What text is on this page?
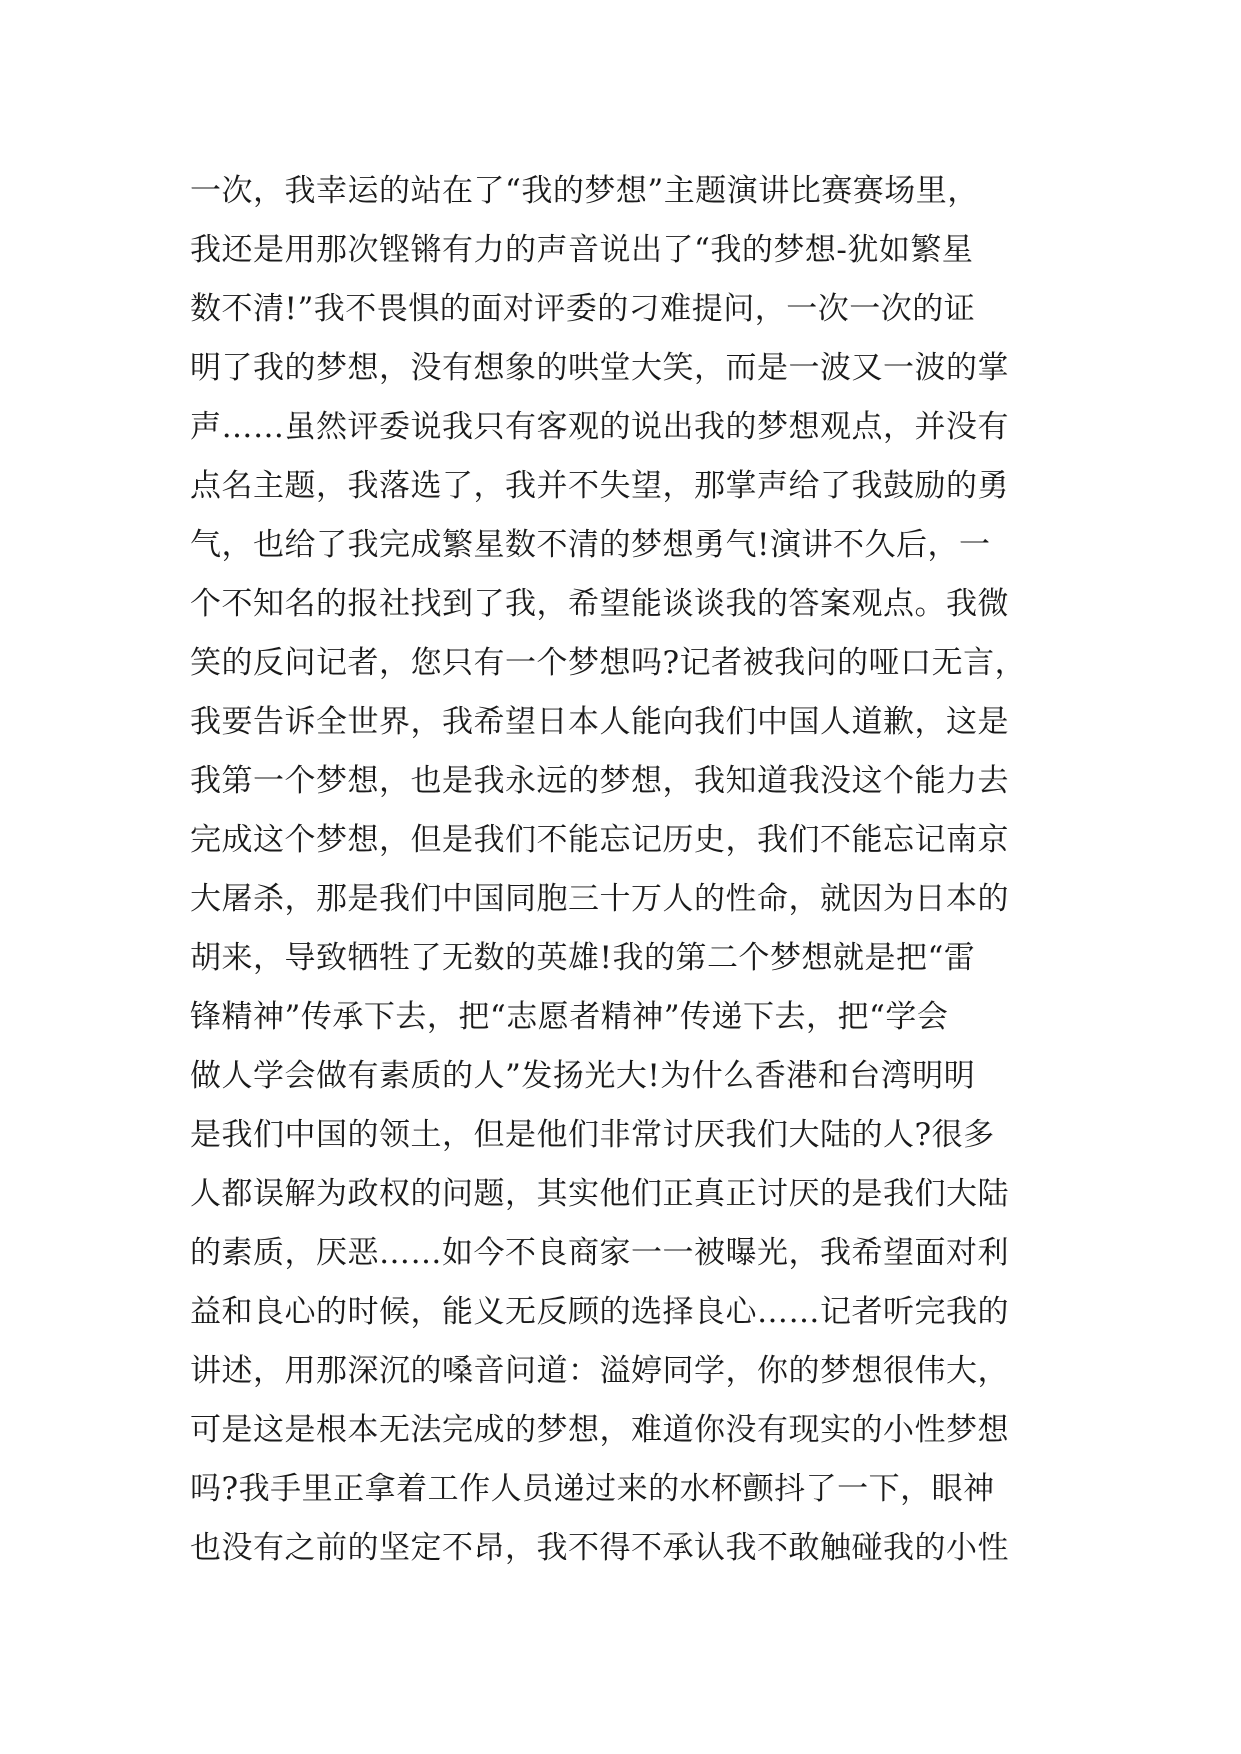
一次，我幸运的站在了“我的梦想”主题演讲比赛赛场里，
我还是用那次铿锵有力的声音说出了“我的梦想-犹如繁星
数不清!”我不畏惧的面对评委的刁难提问，一次一次的证
明了我的梦想，没有想象的哄堂大笑，而是一波又一波的掌
声……虽然评委说我只有客观的说出我的梦想观点，并没有
点名主题，我落选了，我并不失望，那掌声给了我鼓励的勇
气，也给了我完成繁星数不清的梦想勇气!演讲不久后，一
个不知名的报社找到了我，希望能谈谈我的答案观点。我微
笑的反问记者，您只有一个梦想吗?记者被我问的哑口无言，
我要告诉全世界，我希望日本人能向我们中国人道歉，这是
我第一个梦想，也是我永远的梦想，我知道我没这个能力去
完成这个梦想，但是我们不能忘记历史，我们不能忘记南京
大屠杀，那是我们中国同胞三十万人的性命，就因为日本的
胡来，导致牺牲了无数的英雄!我的第二个梦想就是把“雷
锋精神”传承下去，把“志愿者精神”传递下去，把“学会
做人学会做有素质的人”发扬光大!为什么香港和台湾明明
是我们中国的领土，但是他们非常讨厌我们大陆的人?很多
人都误解为政权的问题，其实他们正真正讨厌的是我们大陆
的素质，厌恶……如今不良商家一一被曝光，我希望面对利
益和良心的时候，能义无反顾的选择良心……记者听完我的
讲述，用那深沉的嗓音问道：溢婷同学，你的梦想很伟大，
可是这是根本无法完成的梦想，难道你没有现实的小性梦想
吗?我手里正拿着工作人员递过来的水杯颤抖了一下，眼神
也没有之前的坚定不昂，我不得不承认我不敢触碰我的小性
